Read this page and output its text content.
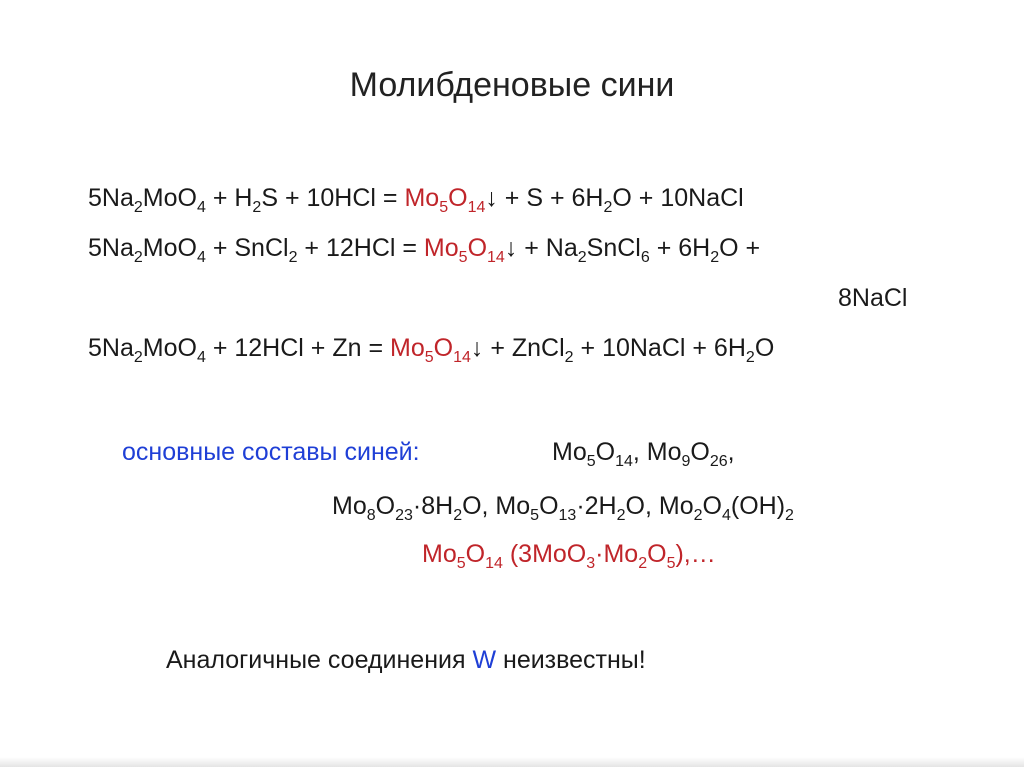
Молибденовые сини
$5Na_2MoO_4 + H_2S + 10HCl$ = $Mo_5O_{14}↓ + S + 6H_2O$ + 10NaCl
$5Na_2MoO_4$ + SnCl$_2$ + $12HCl = Mo_5O_{14}↓$ + $Na_2SnCl_6 + 6H_2O$ +
8NaCl
$5Na_2MoO_4 + 12HCl + Zn$ = $Mo_5O_{14}↓$ + ZnCl$_2$ + 10NaCl + $6H_2O$
основные составы синей:	$Mo_5O_{14}$, $Mo_9O_{26}$,
$Mo_8O_{23}\cdot 8H_2O$, $Mo_5O_{13}\cdot 2H_2O$, $Mo_2O_4(OH)_2$
$Mo_5O_{14}$ $(3MoO_3\cdot Mo_2O_5),\dots$
Аналогичные соединения W неизвестны!
